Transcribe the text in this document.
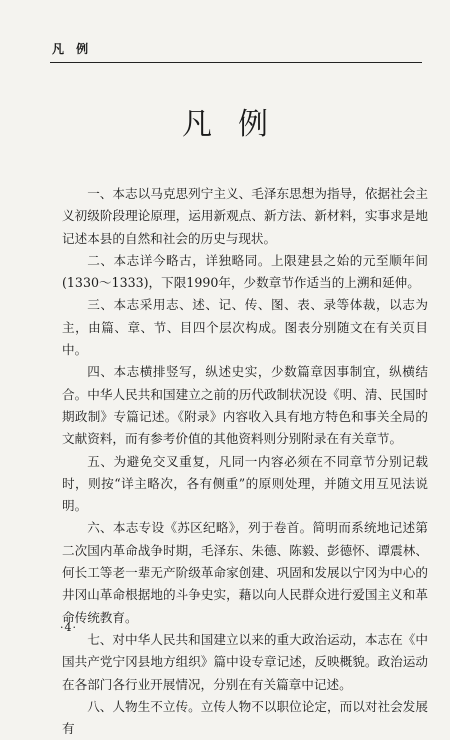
凡 例
凡例

一、本志以马克思列宁主义、毛泽东思想为指导，依据社会主义初级阶段理论原理，运用新观点、新方法、新材料，实事求是地记述本县的自然和社会的历史与现状。

二、本志详今略古，详独略同。上限建县之始的元至顺年间(1330～1333)，下限1990年，少数章节作适当的上溯和延伸。

三、本志采用志、述、记、传、图、表、录等体裁，以志为主，由篇、章、节、目四个层次构成。图表分别随文在有关页目中。

四、本志横排竖写，纵述史实，少数篇章因事制宜，纵横结合。中华人民共和国建立之前的历代政制状况设《明、清、民国时期政制》专篇记述。《附录》内容收入具有地方特色和事关全局的文献资料，而有参考价值的其他资料则分别附录在有关章节。

五、为避免交叉重复，凡同一内容必须在不同章节分别记载时，则按“详主略次，各有侧重”的原则处理，并随文用互见法说明。

六、本志专设《苏区纪略》，列于卷首。简明而系统地记述第二次国内革命战争时期，毛泽东、朱德、陈毅、彭德怀、谭震林、何长工等老一辈无产阶级革命家创建、巩固和发展以宁冈为中心的井冈山革命根据地的斗争史实，藉以向人民群众进行爱国主义和革命传统教育。

七、对中华人民共和国建立以来的重大政治运动，本志在《中国共产党宁冈县地方组织》篇中设专章记述，反映概貌。政治运动在各部门各行业开展情况，分别在有关篇章中记述。

八、人物生不立传。立传人物不以职位论定，而以对社会发展有

·4·
